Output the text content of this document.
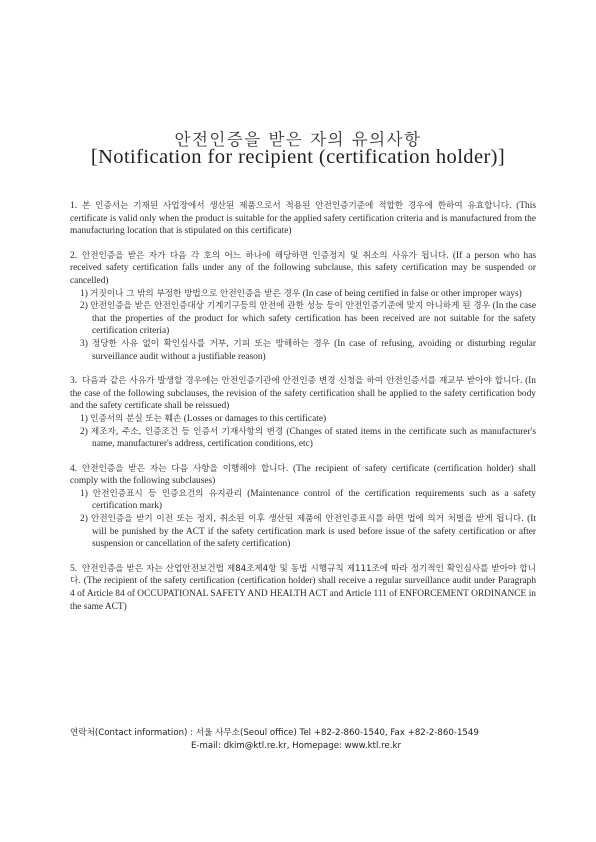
안전인증을 받은 자의 유의사항
[Notification for recipient (certification holder)]
1. 본 인증서는 기재된 사업장에서 생산된 제품으로서 적용된 안전인증기준에 적합한 경우에 한하여 유효합니다. (This certificate is valid only when the product is suitable for the applied safety certification criteria and is manufactured from the manufacturing location that is stipulated on this certificate)
2. 안전인증을 받은 자가 다음 각 호의 어느 하나에 해당하면 인증정지 및 취소의 사유가 됩니다. (If a person who has received safety certification falls under any of the following subclause, this safety certification may be suspended or cancelled)
1) 거짓이나 그 밖의 부정한 방법으로 안전인증을 받은 경우 (In case of being certified in false or other improper ways)
2) 안전인증을 받은 안전인증대상 기계기구등의 안전에 관한 성능 등이 안전인증기준에 맞지 아니하게 된 경우 (In the case that the properties of the product for which safety certification has been received are not suitable for the safety certification criteria)
3) 정당한 사유 없이 확인심사를 거부, 기피 또는 방해하는 경우 (In case of refusing, avoiding or disturbing regular surveillance audit without a justifiable reason)
3. 다음과 같은 사유가 발생할 경우에는 안전인증기관에 안전인증 변경 신청을 하여 안전인증서를 재교부 받아야 합니다. (In the case of the following subclauses, the revision of the safety certification shall be applied to the safety certification body and the safety certificate shall be reissued)
1) 인증서의 분실 또는 훼손 (Losses or damages to this certificate)
2) 제조자, 주소, 인증조건 등 인증서 기재사항의 변경 (Changes of stated items in the certificate such as manufacturer's name, manufacturer's address, certification conditions, etc)
4. 안전인증을 받은 자는 다음 사항을 이행해야 합니다. (The recipient of safety certificate (certification holder) shall comply with the following subclauses)
1) 안전인증표시 등 인증요건의 유지관리 (Maintenance control of the certification requirements such as a safety certification mark)
2) 안전인증을 받기 이전 또는 정지, 취소된 이후 생산된 제품에 안전인증표시를 하면 법에 의거 처벌을 받게 됩니다. (It will be punished by the ACT if the safety certification mark is used before issue of the safety certification or after suspension or cancellation of the safety certification)
5. 안전인증을 받은 자는 산업안전보건법 제84조제4항 및 동법 시행규칙 제111조에 따라 정기적인 확인심사를 받아야 합니다. (The recipient of the safety certification (certification holder) shall receive a regular surveillance audit under Paragraph 4 of Article 84 of OCCUPATIONAL SAFETY AND HEALTH ACT and Article 111 of ENFORCEMENT ORDINANCE in the same ACT)
연락처(Contact information) : 서울 사무소(Seoul office) Tel +82-2-860-1540, Fax +82-2-860-1549
E-mail: dkim@ktl.re.kr, Homepage: www.ktl.re.kr
